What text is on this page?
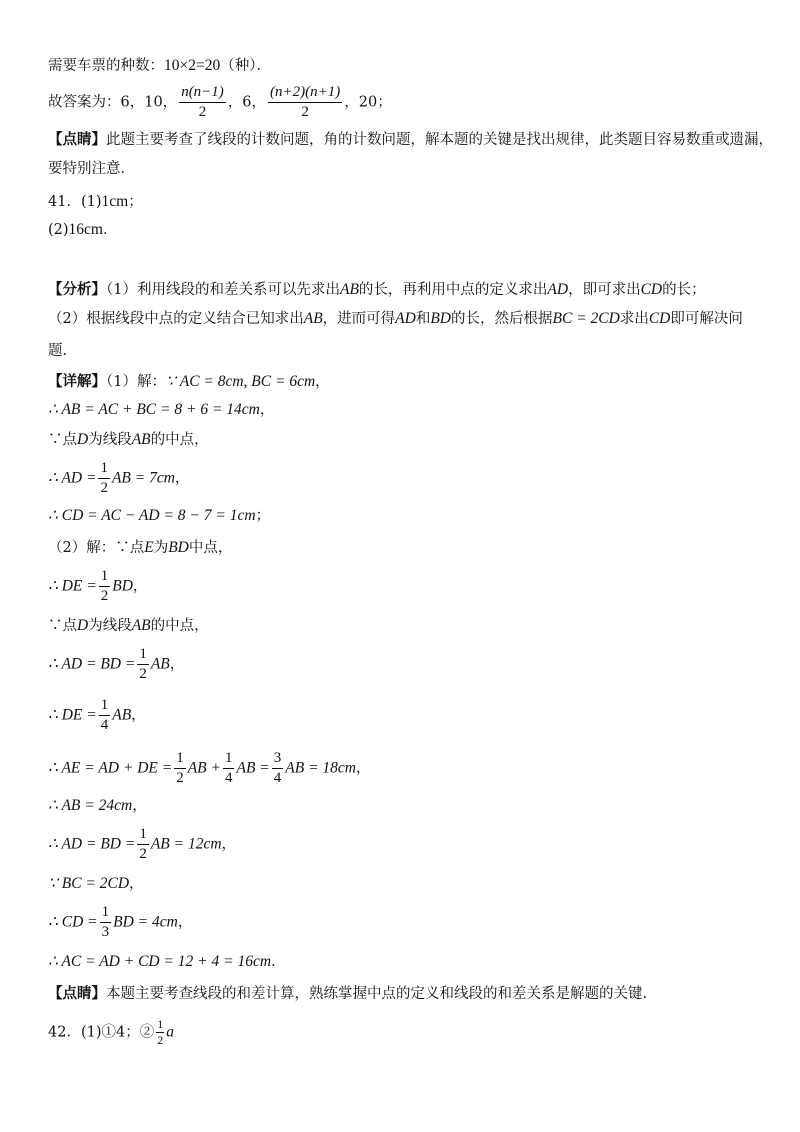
需要车票的种数：10×2=20（种）．
故答案为：6，10， $\frac{n(n-1)}{2}$ ，6， $\frac{(n+2)(n+1)}{2}$ ，20；
【点睛】此题主要考查了线段的计数问题，角的计数问题，解本题的关键是找出规律，此类题目容易数重或遗漏，
要特别注意．
41．(1)1cm；
(2)16cm．
【分析】（1）利用线段的和差关系可以先求出AB的长，再利用中点的定义求出AD，即可求出CD的长；
（2）根据线段中点的定义结合已知求出AB，进而可得AD和BD的长，然后根据BC = 2CD求出CD即可解决问
题.
【详解】（1）解：∵ AC = 8cm, BC = 6cm，
∴ AB = AC + BC = 8 + 6 = 14cm，
∵点D为线段AB的中点，
∴ AD = $\frac{1}{2}$ AB = 7cm，
∴ CD = AC − AD = 8 − 7 = 1cm；
（2）解：∵点E为BD中点，
∴ DE = $\frac{1}{2}$ BD，
∵点D为线段AB的中点，
∴ AD = BD = $\frac{1}{2}$ AB，
∴ DE = $\frac{1}{4}$ AB，
∴ AE = AD + DE = $\frac{1}{2}$ AB + $\frac{1}{4}$ AB = $\frac{3}{4}$ AB = 18cm，
∴ AB = 24cm，
∴ AD = BD = $\frac{1}{2}$ AB = 12cm，
∵ BC = 2CD，
∴ CD = $\frac{1}{3}$ BD = 4cm，
∴ AC = AD + CD = 12 + 4 = 16cm．
【点睛】本题主要考查线段的和差计算，熟练掌握中点的定义和线段的和差关系是解题的关键.
42．(1)①4；② $\frac{1}{2}$ a
